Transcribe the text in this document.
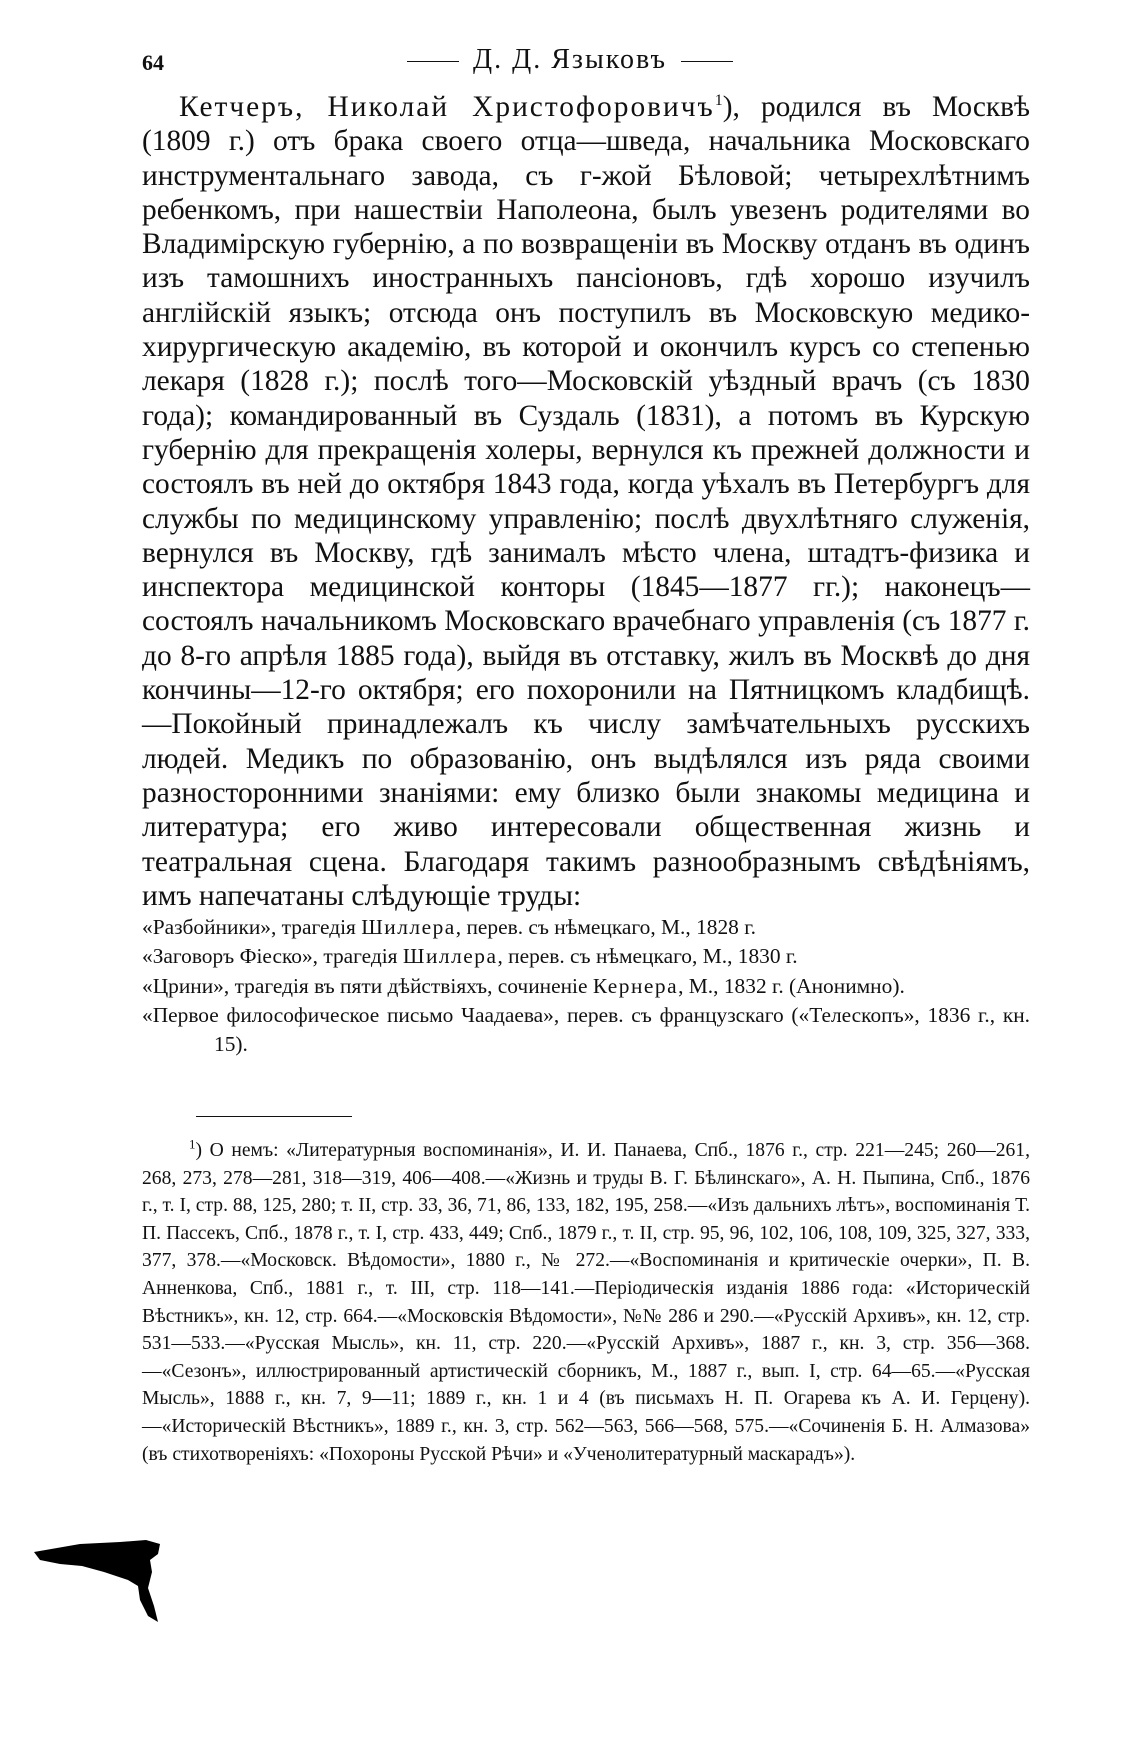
64	Д. Д. Языковъ

Кетчеръ, Николай Христофоровичъ$^1$), родился въ Москвѣ (1809 г.) отъ брака своего отца—шведа, начальника Московскаго инструментальнаго завода, съ г-жой Бѣловой; четырехлѣтнимъ ребенкомъ, при нашествіи Наполеона, былъ увезенъ родителями во Владимірскую губернію, а по возвращеніи въ Москву отданъ въ одинъ изъ тамошнихъ иностранныхъ пансіоновъ, гдѣ хорошо изучилъ англійскій языкъ; отсюда онъ поступилъ въ Московскую медико-хирургическую академію, въ которой и окончилъ курсъ со степенью лекаря (1828 г.); послѣ того—Московскій уѣздный врачъ (съ 1830 года); командированный въ Суздаль (1831), а потомъ въ Курскую губернію для прекращенія холеры, вернулся къ прежней должности и состоялъ въ ней до октября 1843 года, когда уѣхалъ въ Петербургъ для службы по медицинскому управленію; послѣ двухлѣтняго служенія, вернулся въ Москву, гдѣ занималъ мѣсто члена, штадтъ-физика и инспектора медицинской конторы (1845—1877 гг.); наконецъ—состоялъ начальникомъ Московскаго врачебнаго управленія (съ 1877 г. до 8-го апрѣля 1885 года), выйдя въ отставку, жилъ въ Москвѣ до дня кончины—12-го октября; его похоронили на Пятницкомъ кладбищѣ.—Покойный принадлежалъ къ числу замѣчательныхъ русскихъ людей. Медикъ по образованію, онъ выдѣлялся изъ ряда своими разносторонними знаніями: ему близко были знакомы медицина и литература; его живо интересовали общественная жизнь и театральная сцена. Благодаря такимъ разнообразнымъ свѣдѣніямъ, имъ напечатаны слѣдующіе труды:

«Разбойники», трагедія Шиллера, перев. съ нѣмецкаго, М., 1828 г.
«Заговоръ Фіеско», трагедія Шиллера, перев. съ нѣмецкаго, М., 1830 г.
«Црини», трагедія въ пяти дѣйствіяхъ, сочиненіе Кернера, М., 1832 г. (Анонимно).
«Первое философическое письмо Чаадаева», перев. съ французскаго («Телескопъ», 1836 г., кн. 15).

$^1$) О немъ: «Литературныя воспоминанія», И. И. Панаева, Спб., 1876 г., стр. 221—245; 260—261, 268, 273, 278—281, 318—319, 406—408.—«Жизнь и труды В. Г. Бѣлинскаго», А. Н. Пыпина, Спб., 1876 г., т. I, стр. 88, 125, 280; т. II, стр. 33, 36, 71, 86, 133, 182, 195, 258.—«Изъ дальнихъ лѣтъ», воспоминанія Т. П. Пассекъ, Спб., 1878 г., т. I, стр. 433, 449; Спб., 1879 г., т. II, стр. 95, 96, 102, 106, 108, 109, 325, 327, 333, 377, 378.—«Московск. Вѣдомости», 1880 г., № 272.—«Воспоминанія и критическіе очерки», П. В. Анненкова, Спб., 1881 г., т. III, стр. 118—141.—Періодическія изданія 1886 года: «Историческій Вѣстникъ», кн. 12, стр. 664.—«Московскія Вѣдомости», №№ 286 и 290.—«Русскій Архивъ», кн. 12, стр. 531—533.—«Русская Мысль», кн. 11, стр. 220.—«Русскій Архивъ», 1887 г., кн. 3, стр. 356—368.—«Сезонъ», иллюстрированный артистическій сборникъ, М., 1887 г., вып. I, стр. 64—65.—«Русская Мысль», 1888 г., кн. 7, 9—11; 1889 г., кн. 1 и 4 (въ письмахъ Н. П. Огарева къ А. И. Герцену).—«Историческій Вѣстникъ», 1889 г., кн. 3, стр. 562—563, 566—568, 575.—«Сочиненія Б. Н. Алмазова» (въ стихотвореніяхъ: «Похороны Русской Рѣчи» и «Ученолитературный маскарадъ»).
